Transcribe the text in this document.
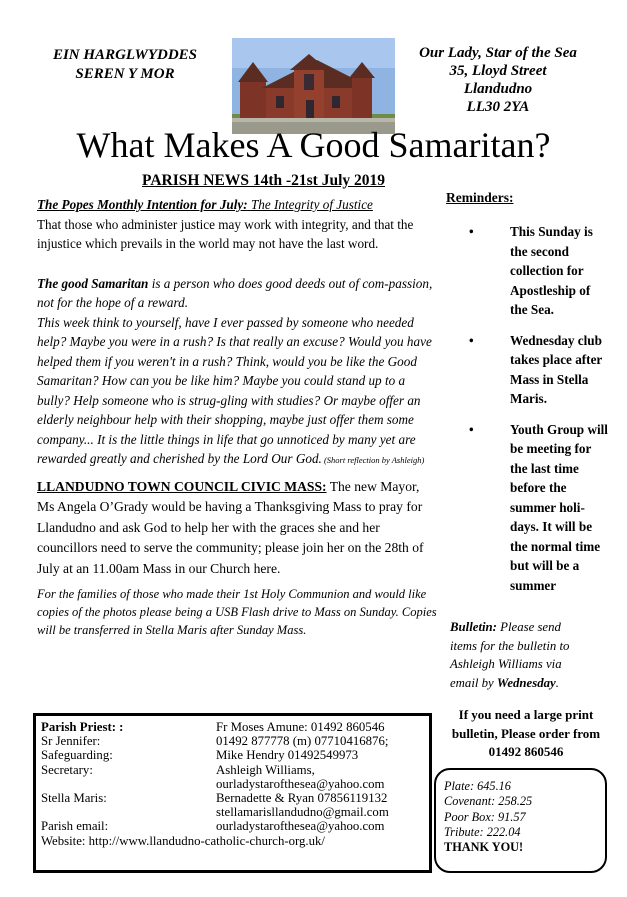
EIN HARGLWYDDES
SEREN Y MOR
Our Lady, Star of the Sea
35, Lloyd Street
Llandudno
LL30 2YA
What Makes A Good Samaritan?
PARISH NEWS 14th -21st July 2019

The Popes Monthly Intention for July: The Integrity of Justice

That those who administer justice may work with integrity, and that the injustice which prevails in the world may not have the last word.

The good Samaritan is a person who does good deeds out of com-passion, not for the hope of a reward.

This week think to yourself, have I ever passed by someone who needed help? Maybe you were in a rush? Is that really an excuse? Would you have helped them if you weren't in a rush? Think, would you be like the Good Samaritan? How can you be like him? Maybe you could stand up to a bully? Help someone who is strug-gling with studies? Or maybe offer an elderly neighbour help with their shopping, maybe just offer them some company... It is the little things in life that go unnoticed by many yet are rewarded greatly and cherished by the Lord Our God. (Short reflection by Ashleigh)

LLANDUDNO TOWN COUNCIL CIVIC MASS: The new Mayor, Ms Angela O’Grady would be having a Thanksgiving Mass to pray for Llandudno and ask God to help her with the graces she and her councillors need to serve the community; please join her on the 28th of July at an 11.00am Mass in our Church here.

For the families of those who made their 1st Holy Communion and would like copies of the photos please being a USB Flash drive to Mass on Sunday. Copies will be transferred in Stella Maris after Sunday Mass.

Reminders:
•	This Sunday is the second collection for Apostleship of the Sea.
•	Wednesday club takes place after Mass in Stella Maris.
•	Youth Group will be meeting for the last time before the summer holi-days. It will be the normal time but will be a summer
Bulletin: Please send items for the bulletin to Ashleigh Williams via email by Wednesday.
If you need a large print bulletin, Please order from 01492 860546
Parish Priest: :	Fr Moses Amune: 01492 860546
Sr Jennifer:	01492 877778 (m) 07710416876;
Safeguarding:	Mike Hendry 01492549973
Secretary:	Ashleigh Williams,
ourladystarofthesea@yahoo.com
Stella Maris:	Bernadette & Ryan 07856119132
stellamarisllandudno@gmail.com
Parish email:	ourladystarofthesea@yahoo.com
Website: http://www.llandudno-catholic-church-org.uk/
Plate: 645.16
Covenant: 258.25
Poor Box: 91.57
Tribute: 222.04
THANK YOU!
